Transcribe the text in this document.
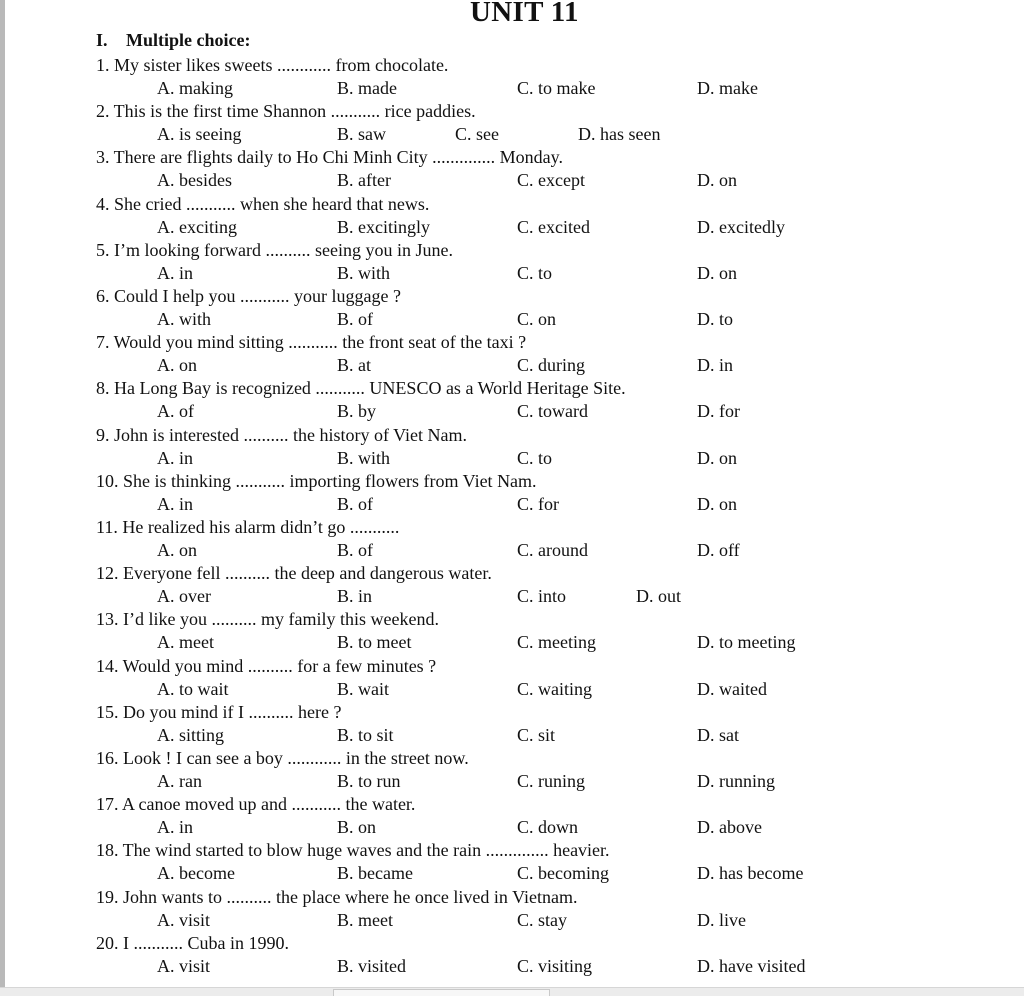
UNIT 11
I. Multiple choice:
1. My sister likes sweets ............ from chocolate.
A. making	B. made	C. to make	D. make
2. This is the first time Shannon ........... rice paddies.
A. is seeing	B. saw	C. see	D. has seen
3. There are flights daily to Ho Chi Minh City .............. Monday.
A. besides	B. after	C. except	D. on
4. She cried ........... when she heard that news.
A. exciting	B. excitingly	C. excited	D. excitedly
5. I’m looking forward .......... seeing you in June.
A. in	B. with	C. to	D. on
6. Could I help you ........... your luggage ?
A. with	B. of	C. on	D. to
7. Would you mind sitting ........... the front seat of the taxi ?
A. on	B. at	C. during	D. in
8. Ha Long Bay is recognized ........... UNESCO as a World Heritage Site.
A. of	B. by	C. toward	D. for
9. John is interested .......... the history of Viet Nam.
A. in	B. with	C. to	D. on
10. She is thinking ........... importing flowers from Viet Nam.
A. in	B. of	C. for	D. on
11. He realized his alarm didn’t go ...........
A. on	B. of	C. around	D. off
12. Everyone fell .......... the deep and dangerous water.
A. over	B. in	C. into	D. out
13. I’d like you .......... my family this weekend.
A. meet	B. to meet	C. meeting	D. to meeting
14. Would you mind .......... for a few minutes ?
A. to wait	B. wait	C. waiting	D. waited
15. Do you mind if I .......... here ?
A. sitting	B. to sit	C. sit	D. sat
16. Look ! I can see a boy ............ in the street now.
A. ran	B. to run	C. runing	D. running
17. A canoe moved up and ........... the water.
A. in	B. on	C. down	D. above
18. The wind started to blow huge waves and the rain .............. heavier.
A. become	B. became	C. becoming	D. has become
19. John wants to .......... the place where he once lived in Vietnam.
A. visit	B. meet	C. stay	D. live
20. I ........... Cuba in 1990.
A. visit	B. visited	C. visiting	D. have visited
